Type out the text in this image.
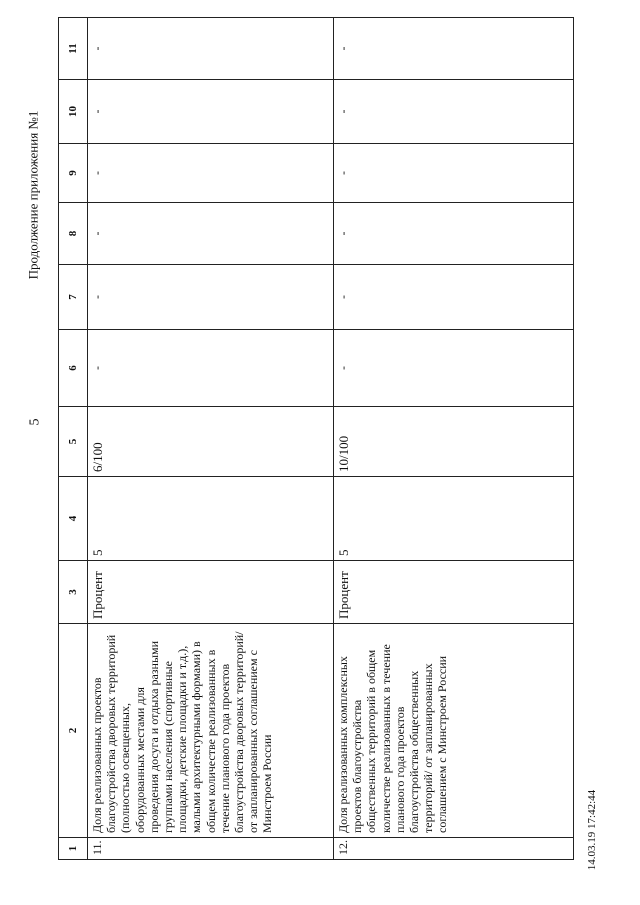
5
Продолжение приложения №1
1	2	3	4	5	6	7	8	9	10	11
11.	Доля реализованных проектов благоустройства дворовых территорий (полностью освещенных, оборудованных местами для проведения досуга и отдыха разными группами населения (спортивные площадки, детские площадки и т.д.), малыми архитектурными формами) в общем количестве реализованных в течение планового года проектов благоустройства дворовых территорий/от запланированных соглашением с Минстроем России	Процент	5	6/100	-	-	-	-	-	-
12.	Доля реализованных комплексных проектов благоустройства общественных территорий в общем количестве реализованных в течение планового года проектов благоустройства общественных территорий/ от запланированных соглашением с Минстроем России	Процент	5	10/100	-	-	-	-	-	-
14.03.19 17:42:44
